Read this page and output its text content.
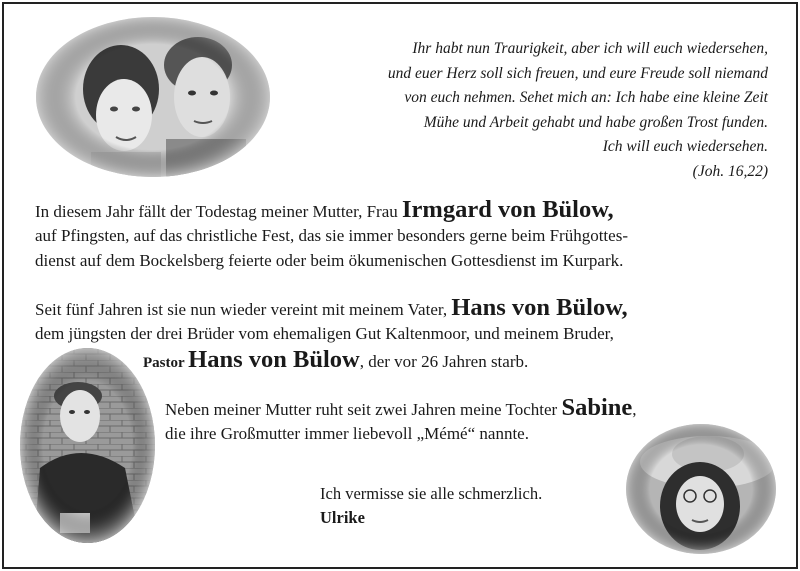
Ihr habt nun Traurigkeit, aber ich will euch wiedersehen,
und euer Herz soll sich freuen, und eure Freude soll niemand
von euch nehmen. Sehet mich an: Ich habe eine kleine Zeit
Mühe und Arbeit gehabt und habe großen Trost funden.
Ich will euch wiedersehen.
(Joh. 16,22)
In diesem Jahr fällt der Todestag meiner Mutter, Frau Irmgard von Bülow,
auf Pfingsten, auf das christliche Fest, das sie immer besonders gerne beim Frühgottes-
dienst auf dem Bockelsberg feierte oder beim ökumenischen Gottesdienst im Kurpark.
Seit fünf Jahren ist sie nun wieder vereint mit meinem Vater, Hans von Bülow,
dem jüngsten der drei Brüder vom ehemaligen Gut Kaltenmoor, und meinem Bruder,
Pastor Hans von Bülow, der vor 26 Jahren starb.
Neben meiner Mutter ruht seit zwei Jahren meine Tochter Sabine,
die ihre Großmutter immer liebevoll „Mémé“ nannte.
Ich vermisse sie alle schmerzlich.
Ulrike
